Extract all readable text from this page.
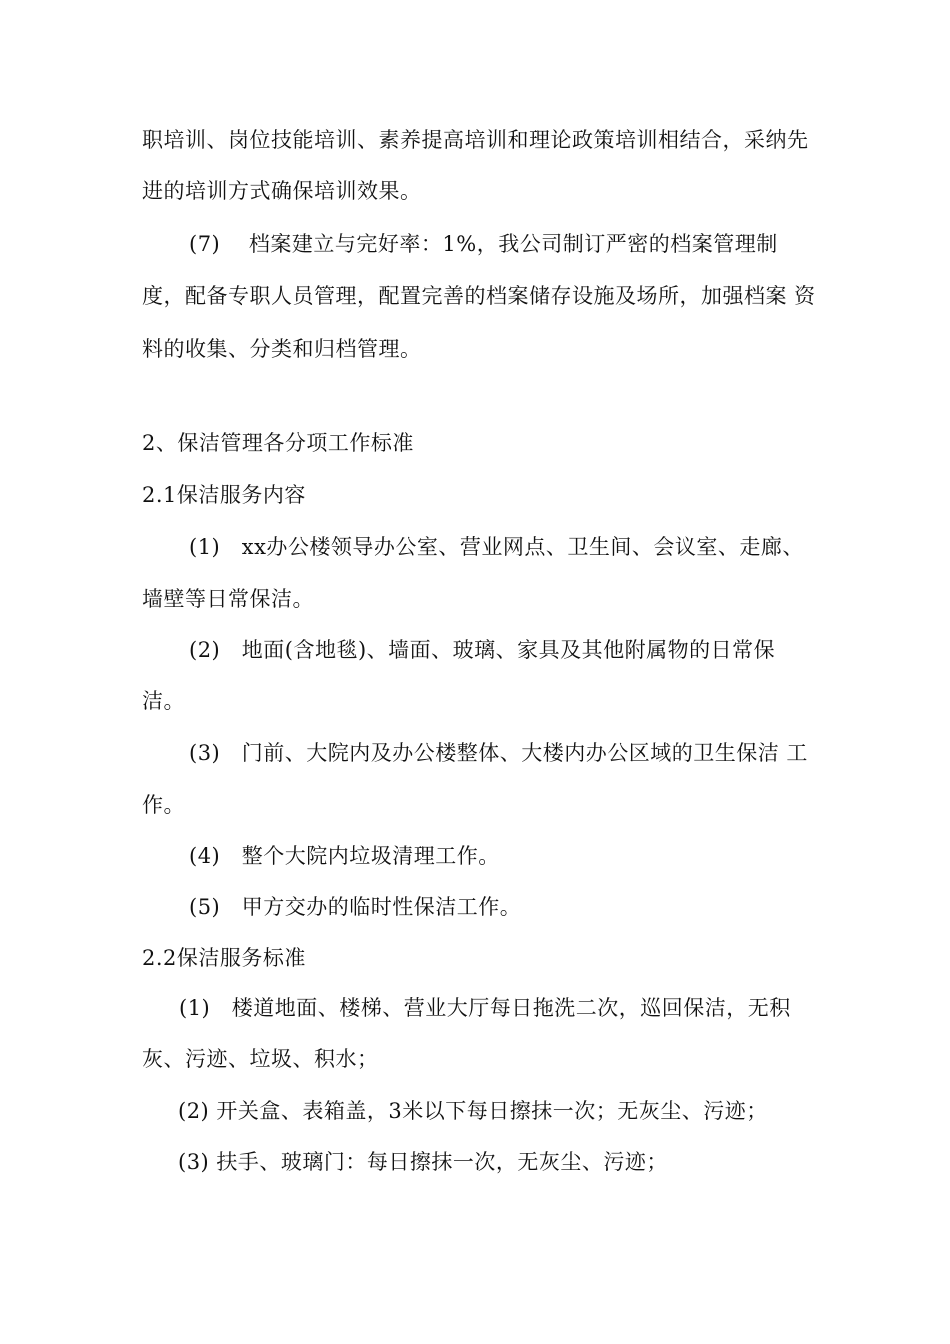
职培训、岗位技能培训、素养提高培训和理论政策培训相结合，采纳先
进的培训方式确保培训效果。
(7)　 档案建立与完好率：1%，我公司制订严密的档案管理制
度，配备专职人员管理，配置完善的档案储存设施及场所，加强档案 资
料的收集、分类和归档管理。
2、保洁管理各分项工作标准
2.1保洁服务内容
(1)　xx办公楼领导办公室、营业网点、卫生间、会议室、走廊、
墙壁等日常保洁。
(2)　地面(含地毯)、墙面、玻璃、家具及其他附属物的日常保
洁。
(3)　门前、大院内及办公楼整体、大楼内办公区域的卫生保洁 工
作。
(4)　整个大院内垃圾清理工作。
(5)　甲方交办的临时性保洁工作。
2.2保洁服务标准
(1)　楼道地面、楼梯、营业大厅每日拖洗二次，巡回保洁，无积
灰、污迹、垃圾、积水；
(2) 开关盒、表箱盖，3米以下每日擦抹一次；无灰尘、污迹；
(3) 扶手、玻璃门：每日擦抹一次，无灰尘、污迹；
